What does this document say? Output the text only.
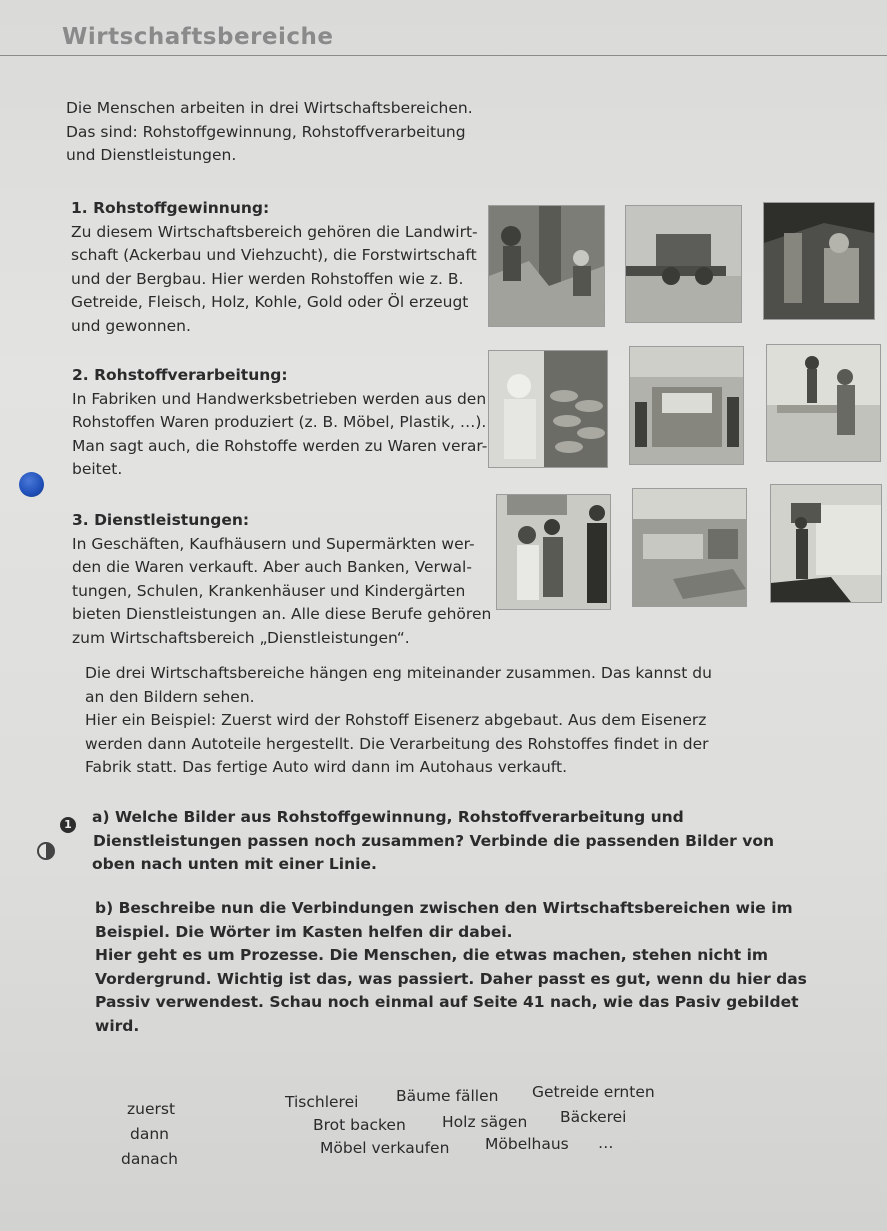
Wirtschaftsbereiche
Die Menschen arbeiten in drei Wirtschaftsbereichen.
Das sind: Rohstoffgewinnung, Rohstoffverarbeitung
und Dienstleistungen.
1. Rohstoffgewinnung:
Zu diesem Wirtschaftsbereich gehören die Landwirt-
schaft (Ackerbau und Viehzucht), die Forstwirtschaft
und der Bergbau. Hier werden Rohstoffen wie z. B.
Getreide, Fleisch, Holz, Kohle, Gold oder Öl erzeugt
und gewonnen.
2. Rohstoffverarbeitung:
In Fabriken und Handwerksbetrieben werden aus den
Rohstoffen Waren produziert (z. B. Möbel, Plastik, …).
Man sagt auch, die Rohstoffe werden zu Waren verar-
beitet.
3. Dienstleistungen:
In Geschäften, Kaufhäusern und Supermärkten wer-
den die Waren verkauft. Aber auch Banken, Verwal-
tungen, Schulen, Krankenhäuser und Kindergärten
bieten Dienstleistungen an. Alle diese Berufe gehören
zum Wirtschaftsbereich „Dienstleistungen“.
Die drei Wirtschaftsbereiche hängen eng miteinander zusammen. Das kannst du
an den Bildern sehen.
Hier ein Beispiel: Zuerst wird der Rohstoff Eisenerz abgebaut. Aus dem Eisenerz
werden dann Autoteile hergestellt. Die Verarbeitung des Rohstoffes findet in der
Fabrik statt. Das fertige Auto wird dann im Autohaus verkauft.
1	a) Welche Bilder aus Rohstoffgewinnung, Rohstoffverarbeitung und
Dienstleistungen passen noch zusammen? Verbinde die passenden Bilder von
oben nach unten mit einer Linie.
b) Beschreibe nun die Verbindungen zwischen den Wirtschaftsbereichen wie im
Beispiel. Die Wörter im Kasten helfen dir dabei.
Hier geht es um Prozesse. Die Menschen, die etwas machen, stehen nicht im
Vordergrund. Wichtig ist das, was passiert. Daher passt es gut, wenn du hier das
Passiv verwendest. Schau noch einmal auf Seite 41 nach, wie das Pasiv gebildet
wird.
zuerst
dann
danach
Tischlerei Bäume fällen Getreide ernten
Brot backen Holz sägen Bäckerei
Möbel verkaufen Möbelhaus …
